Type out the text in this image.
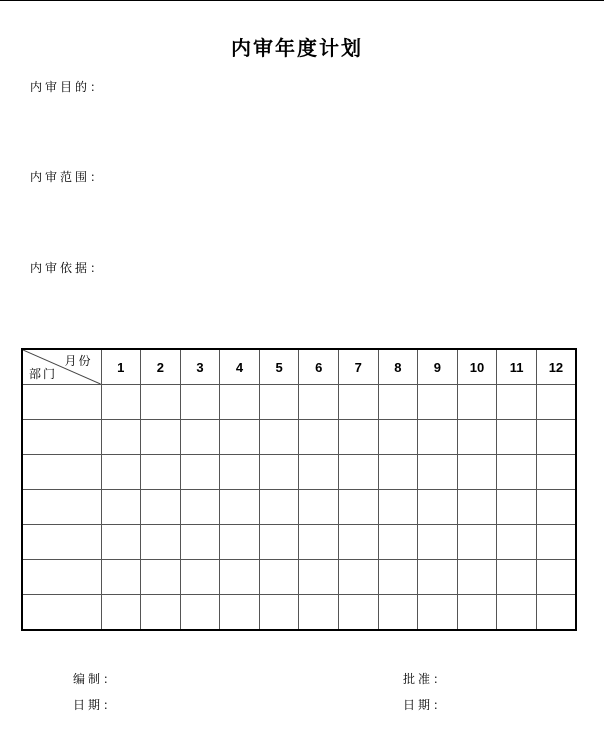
内审年度计划
内审目的：
内审范围：
内审依据：
月份
部门	1	2	3	4	5	6	7	8	9	10	11	12

编制：	批准：
日期：	日期：
